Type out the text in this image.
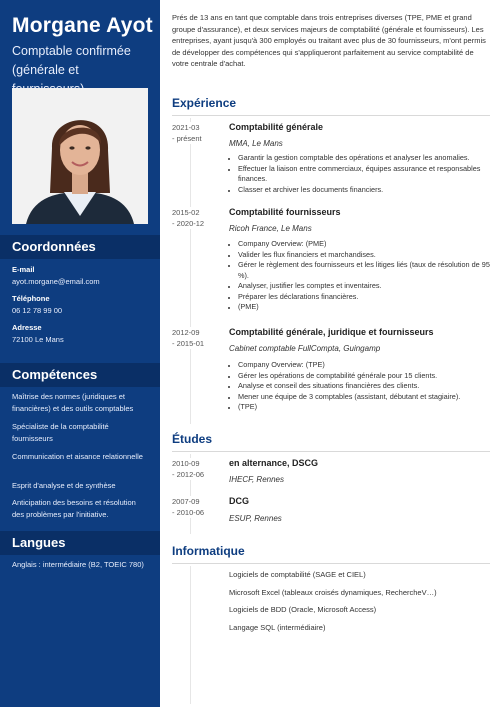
Morgane Ayot
Comptable confirmée (générale et
Coordonnées
E-mail
ayot.morgane@email.com
Téléphone
06 12 78 99 00
Adresse
72100 Le Mans
Compétences
Maîtrise des normes (juridiques et financières) et des outils comptables
Spécialiste de la comptabilité fournisseurs
Communication et aisance relationnelle
Esprit d'analyse et de synthèse
Anticipation des besoins et résolution des problèmes par l'initiative.
Langues
Anglais : intermédiaire (B2, TOEIC 780)
Prés de 13 ans en tant que comptable dans trois entreprises diverses (TPE, PME et grand groupe d'assurance), et deux services majeurs de comptabilité (générale et fournisseurs). Les entreprises, ayant jusqu'à 300 employés ou traitant avec plus de 30 fournisseurs, m'ont permis de développer des compétences qui s'appliqueront parfaitement au service comptabilité de votre centrale d'achat.
Expérience
2021-03
- présent
Comptabilité générale
MMA, Le Mans
• Garantir la gestion comptable des opérations et analyser les anomalies.
• Effectuer la liaison entre commerciaux, équipes assurance et responsables finances.
• Classer et archiver les documents financiers.
2015-02
- 2020-12
Comptabilité fournisseurs
Ricoh France, Le Mans
• Company Overview: (PME)
• Valider les flux financiers et marchandises.
• Gérer le règlement des fournisseurs et les litiges liés (taux de résolution de 95 %).
• Analyser, justifier les comptes et inventaires.
• Préparer les déclarations financières.
• (PME)
2012-09
- 2015-01
Comptabilité générale, juridique et fournisseurs
Cabinet comptable FullCompta, Guingamp
• Company Overview: (TPE)
• Gérer les opérations de comptabilité générale pour 15 clients.
• Analyse et conseil des situations financières des clients.
• Mener une équipe de 3 comptables (assistant, débutant et stagiaire).
• (TPE)
Études
2010-09
- 2012-06
en alternance, DSCG
IHECF, Rennes
2007-09
- 2010-06
DCG
ESUP, Rennes
Informatique
Logiciels de comptabilité (SAGE et CIEL)
Microsoft Excel (tableaux croisés dynamiques, RechercheV…)
Logiciels de BDD (Oracle, Microsoft Access)
Langage SQL (intermédiaire)
